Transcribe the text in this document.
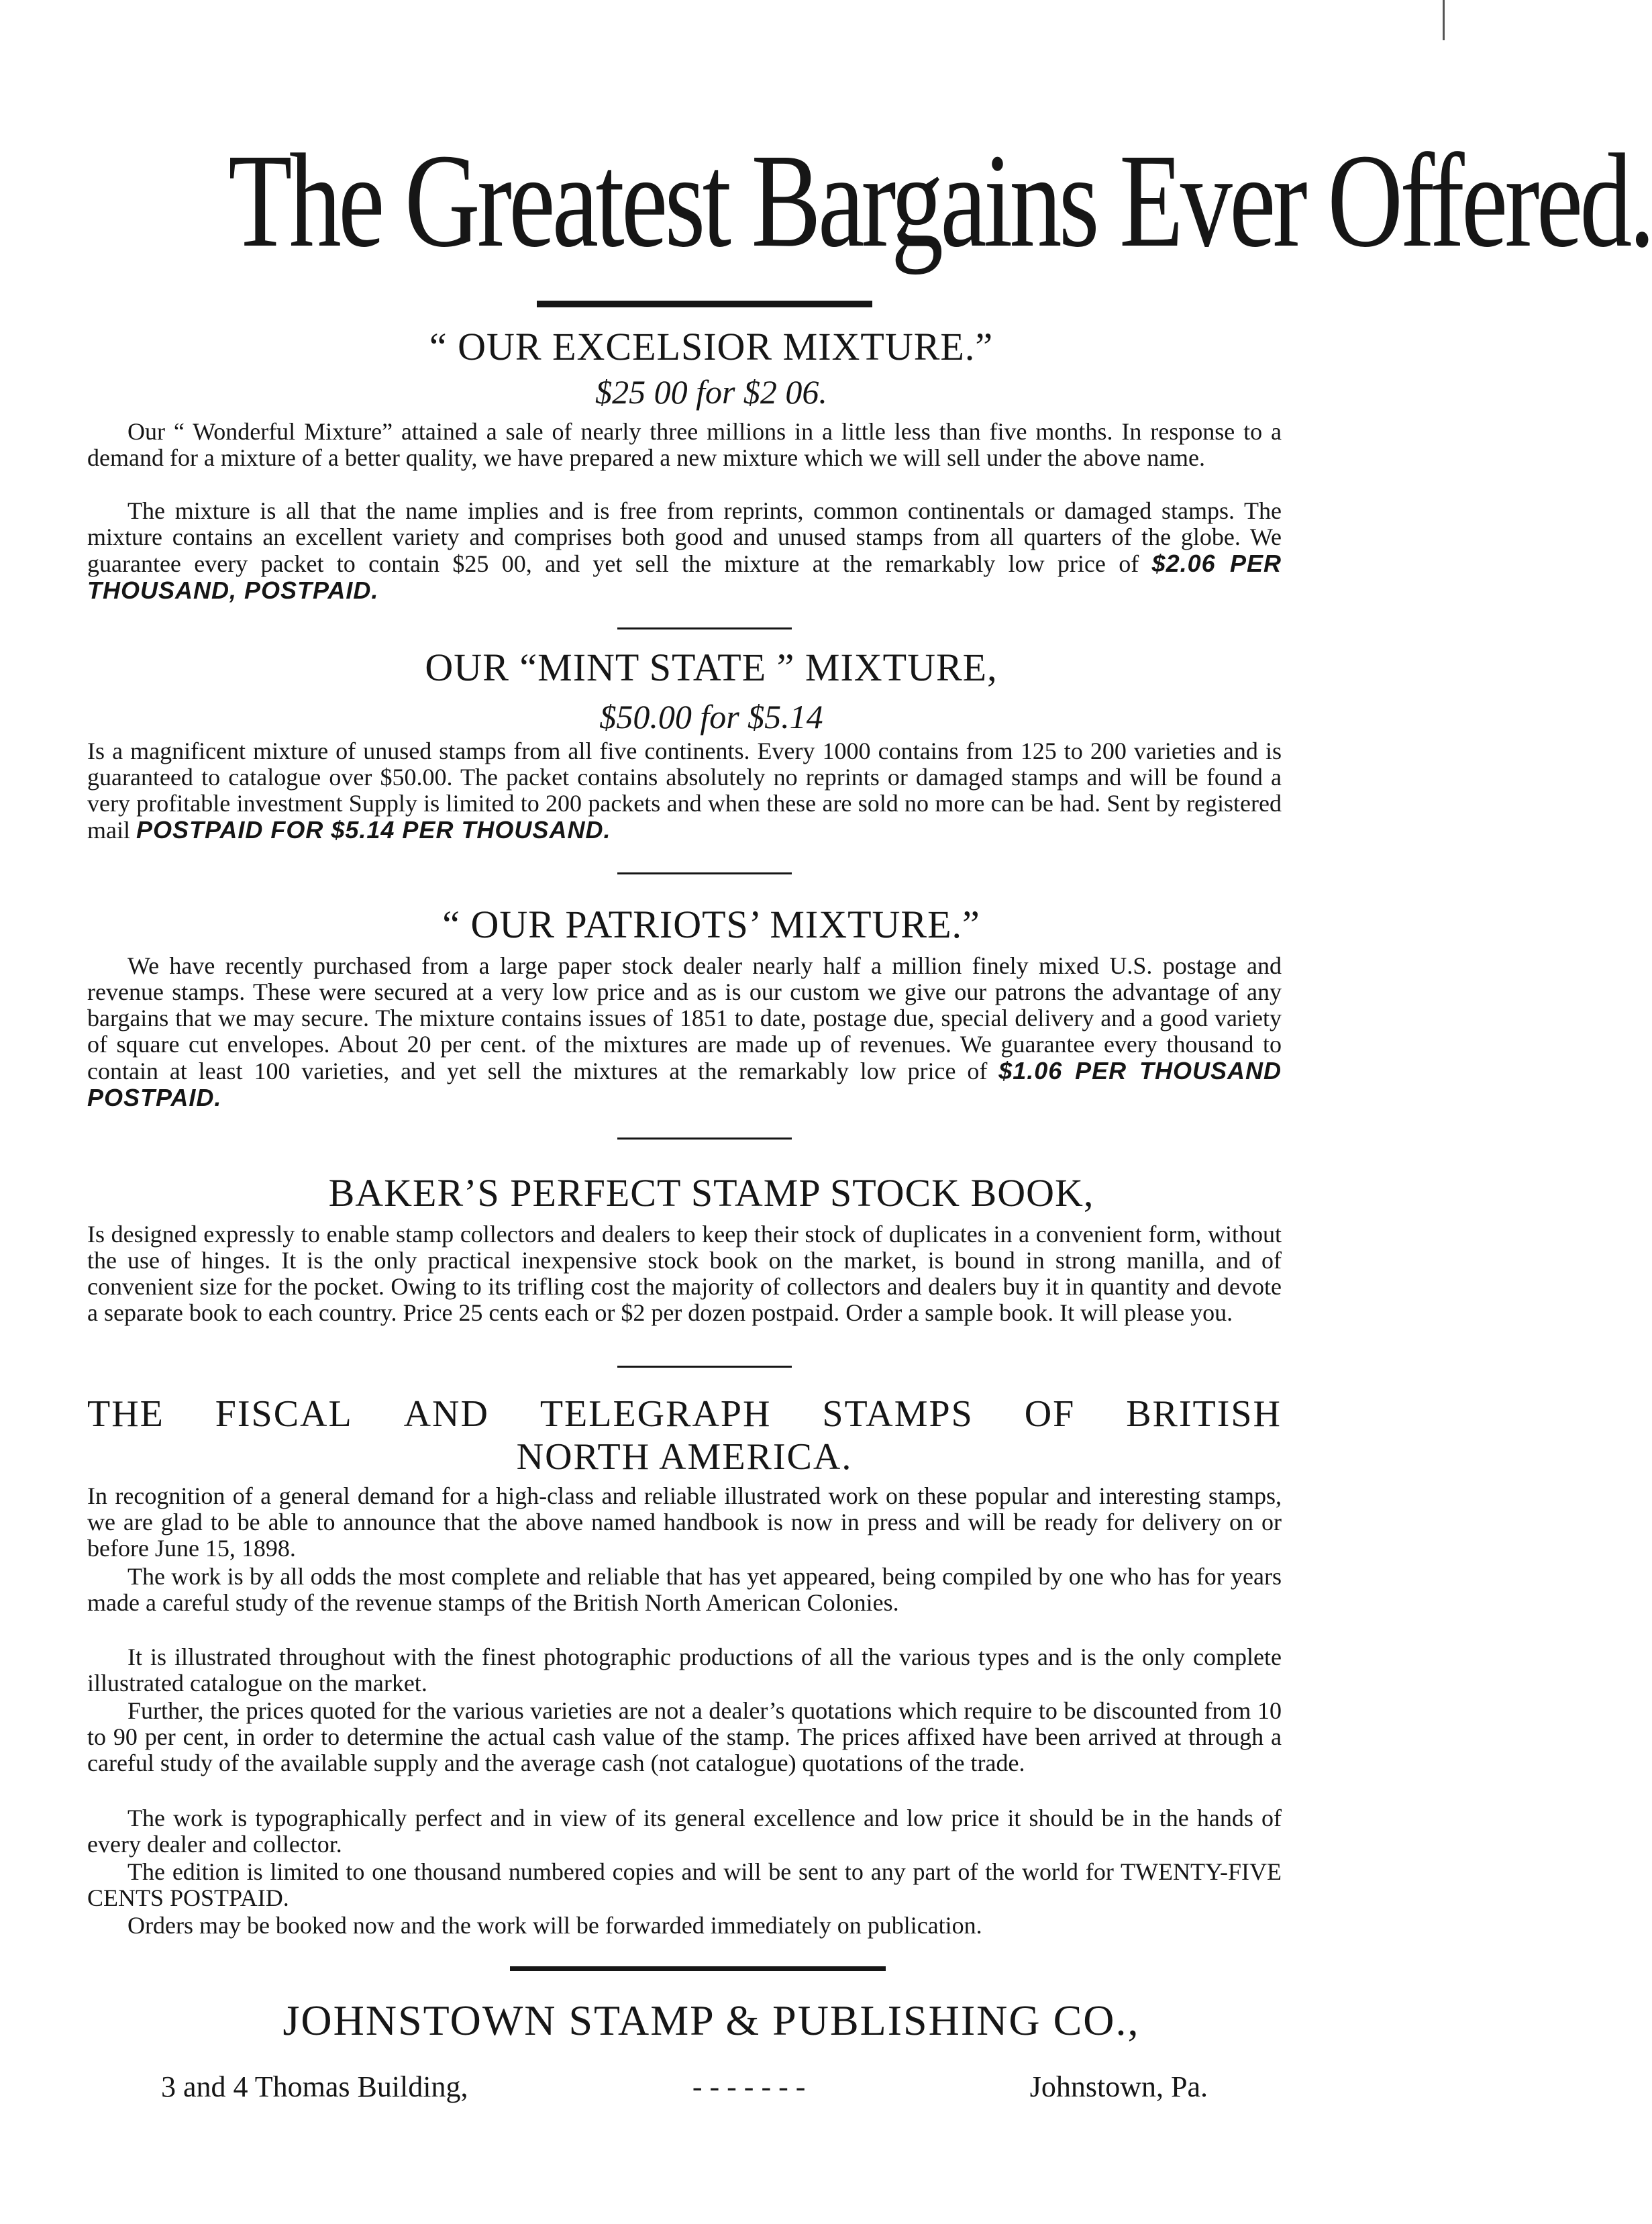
The Greatest Bargains Ever Offered.
“ OUR EXCELSIOR MIXTURE.”
$25 00 for $2 06.
Our “ Wonderful Mixture” attained a sale of nearly three millions in a little less than five months. In response to a demand for a mixture of a better quality, we have prepared a new mixture which we will sell under the above name.
The mixture is all that the name implies and is free from reprints, common continentals or damaged stamps. The mixture contains an excellent variety and comprises both good and unused stamps from all quarters of the globe. We guarantee every packet to contain $25 00, and yet sell the mixture at the remarkably low price of $2.06 PER THOUSAND, POSTPAID.
OUR “MINT STATE ” MIXTURE,
$50.00 for $5.14
Is a magnificent mixture of unused stamps from all five continents. Every 1000 contains from 125 to 200 varieties and is guaranteed to catalogue over $50.00. The packet contains absolutely no reprints or damaged stamps and will be found a very profitable investment Supply is limited to 200 packets and when these are sold no more can be had. Sent by registered mail POSTPAID FOR $5.14 PER THOUSAND.
“ OUR PATRIOTS’ MIXTURE.”
We have recently purchased from a large paper stock dealer nearly half a million finely mixed U.S. postage and revenue stamps. These were secured at a very low price and as is our custom we give our patrons the advantage of any bargains that we may secure. The mixture contains issues of 1851 to date, postage due, special delivery and a good variety of square cut envelopes. About 20 per cent. of the mixtures are made up of revenues. We guarantee every thousand to contain at least 100 varieties, and yet sell the mixtures at the remarkably low price of $1.06 PER THOUSAND POSTPAID.
BAKER’S PERFECT STAMP STOCK BOOK,
Is designed expressly to enable stamp collectors and dealers to keep their stock of duplicates in a convenient form, without the use of hinges. It is the only practical inexpensive stock book on the market, is bound in strong manilla, and of convenient size for the pocket. Owing to its trifling cost the majority of collectors and dealers buy it in quantity and devote a separate book to each country. Price 25 cents each or $2 per dozen postpaid. Order a sample book. It will please you.
THE FISCAL AND TELEGRAPH STAMPS OF BRITISH
NORTH AMERICA.
In recognition of a general demand for a high-class and reliable illustrated work on these popular and interesting stamps, we are glad to be able to announce that the above named handbook is now in press and will be ready for delivery on or before June 15, 1898.
The work is by all odds the most complete and reliable that has yet appeared, being compiled by one who has for years made a careful study of the revenue stamps of the British North American Colonies.
It is illustrated throughout with the finest photographic productions of all the various types and is the only complete illustrated catalogue on the market.
Further, the prices quoted for the various varieties are not a dealer’s quotations which require to be discounted from 10 to 90 per cent, in order to determine the actual cash value of the stamp. The prices affixed have been arrived at through a careful study of the available supply and the average cash (not catalogue) quotations of the trade.
The work is typographically perfect and in view of its general excellence and low price it should be in the hands of every dealer and collector.
The edition is limited to one thousand numbered copies and will be sent to any part of the world for TWENTY-FIVE CENTS POSTPAID.
Orders may be booked now and the work will be forwarded immediately on publication.
JOHNSTOWN STAMP & PUBLISHING CO.,
3 and 4 Thomas Building,	- - - - - - -	Johnstown, Pa.
